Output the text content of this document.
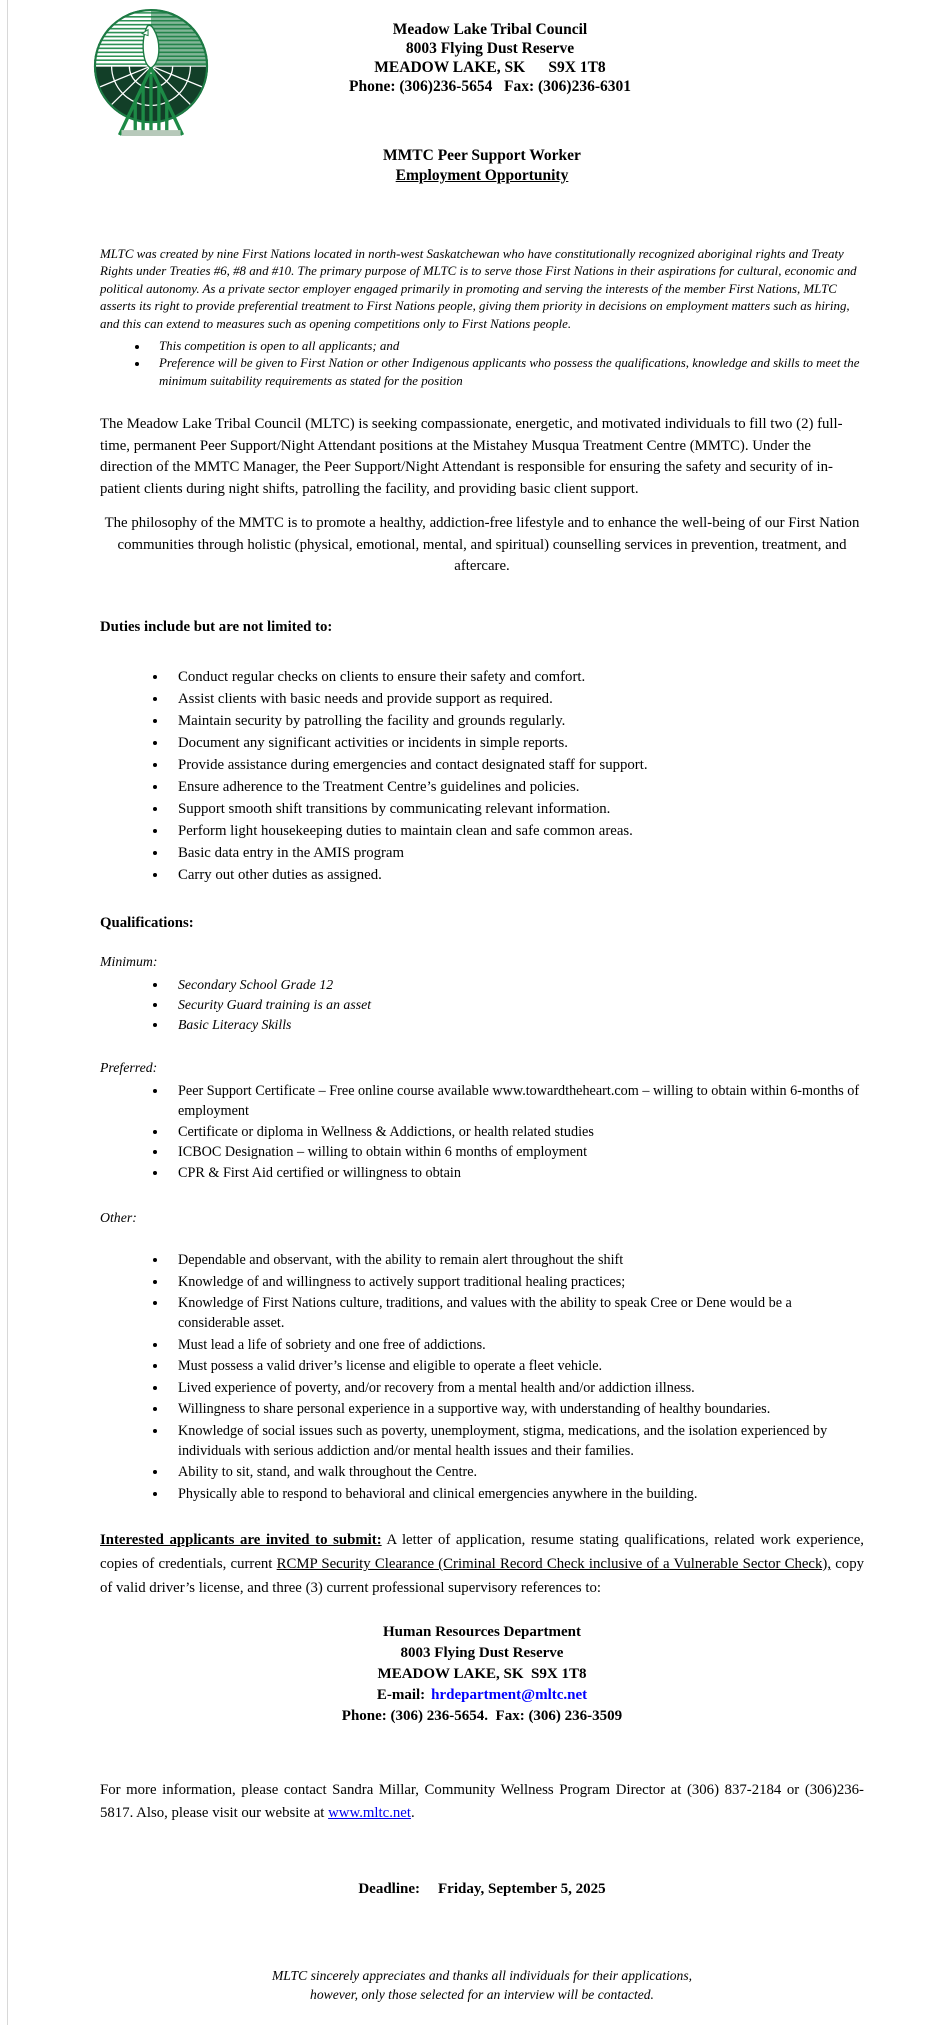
Meadow Lake Tribal Council
8003 Flying Dust Reserve
MEADOW LAKE, SK      S9X 1T8
Phone: (306)236-5654   Fax: (306)236-6301
MMTC Peer Support Worker
Employment Opportunity

MLTC was created by nine First Nations located in north-west Saskatchewan who have constitutionally recognized aboriginal rights and Treaty Rights under Treaties #6, #8 and #10. The primary purpose of MLTC is to serve those First Nations in their aspirations for cultural, economic and political autonomy. As a private sector employer engaged primarily in promoting and serving the interests of the member First Nations, MLTC asserts its right to provide preferential treatment to First Nations people, giving them priority in decisions on employment matters such as hiring, and this can extend to measures such as opening competitions only to First Nations people.

• This competition is open to all applicants; and
• Preference will be given to First Nation or other Indigenous applicants who possess the qualifications, knowledge and skills to meet the minimum suitability requirements as stated for the position

The Meadow Lake Tribal Council (MLTC) is seeking compassionate, energetic, and motivated individuals to fill two (2) full-time, permanent Peer Support/Night Attendant positions at the Mistahey Musqua Treatment Centre (MMTC). Under the direction of the MMTC Manager, the Peer Support/Night Attendant is responsible for ensuring the safety and security of in-patient clients during night shifts, patrolling the facility, and providing basic client support.

The philosophy of the MMTC is to promote a healthy, addiction-free lifestyle and to enhance the well-being of our First Nation communities through holistic (physical, emotional, mental, and spiritual) counselling services in prevention, treatment, and aftercare.

Duties include but are not limited to:

• Conduct regular checks on clients to ensure their safety and comfort.
• Assist clients with basic needs and provide support as required.
• Maintain security by patrolling the facility and grounds regularly.
• Document any significant activities or incidents in simple reports.
• Provide assistance during emergencies and contact designated staff for support.
• Ensure adherence to the Treatment Centre’s guidelines and policies.
• Support smooth shift transitions by communicating relevant information.
• Perform light housekeeping duties to maintain clean and safe common areas.
• Basic data entry in the AMIS program
• Carry out other duties as assigned.

Qualifications:

Minimum:

• Secondary School Grade 12
• Security Guard training is an asset
• Basic Literacy Skills

Preferred:

• Peer Support Certificate – Free online course available www.towardtheheart.com – willing to obtain within 6-months of employment
• Certificate or diploma in Wellness & Addictions, or health related studies
• ICBOC Designation – willing to obtain within 6 months of employment
• CPR & First Aid certified or willingness to obtain

Other:

• Dependable and observant, with the ability to remain alert throughout the shift
• Knowledge of and willingness to actively support traditional healing practices;
• Knowledge of First Nations culture, traditions, and values with the ability to speak Cree or Dene would be a considerable asset.
• Must lead a life of sobriety and one free of addictions.
• Must possess a valid driver’s license and eligible to operate a fleet vehicle.
• Lived experience of poverty, and/or recovery from a mental health and/or addiction illness.
• Willingness to share personal experience in a supportive way, with understanding of healthy boundaries.
• Knowledge of social issues such as poverty, unemployment, stigma, medications, and the isolation experienced by individuals with serious addiction and/or mental health issues and their families.
• Ability to sit, stand, and walk throughout the Centre.
• Physically able to respond to behavioral and clinical emergencies anywhere in the building.

Interested applicants are invited to submit: A letter of application, resume stating qualifications, related work experience, copies of credentials, current RCMP Security Clearance (Criminal Record Check inclusive of a Vulnerable Sector Check), copy of valid driver’s license, and three (3) current professional supervisory references to:

Human Resources Department
8003 Flying Dust Reserve
MEADOW LAKE, SK  S9X 1T8
E-mail: hrdepartment@mltc.net
Phone: (306) 236-5654.  Fax: (306) 236-3509

For more information, please contact Sandra Millar, Community Wellness Program Director at (306) 837-2184 or (306)236-5817. Also, please visit our website at www.mltc.net.

Deadline: Friday, September 5, 2025
MLTC sincerely appreciates and thanks all individuals for their applications,
however, only those selected for an interview will be contacted.
